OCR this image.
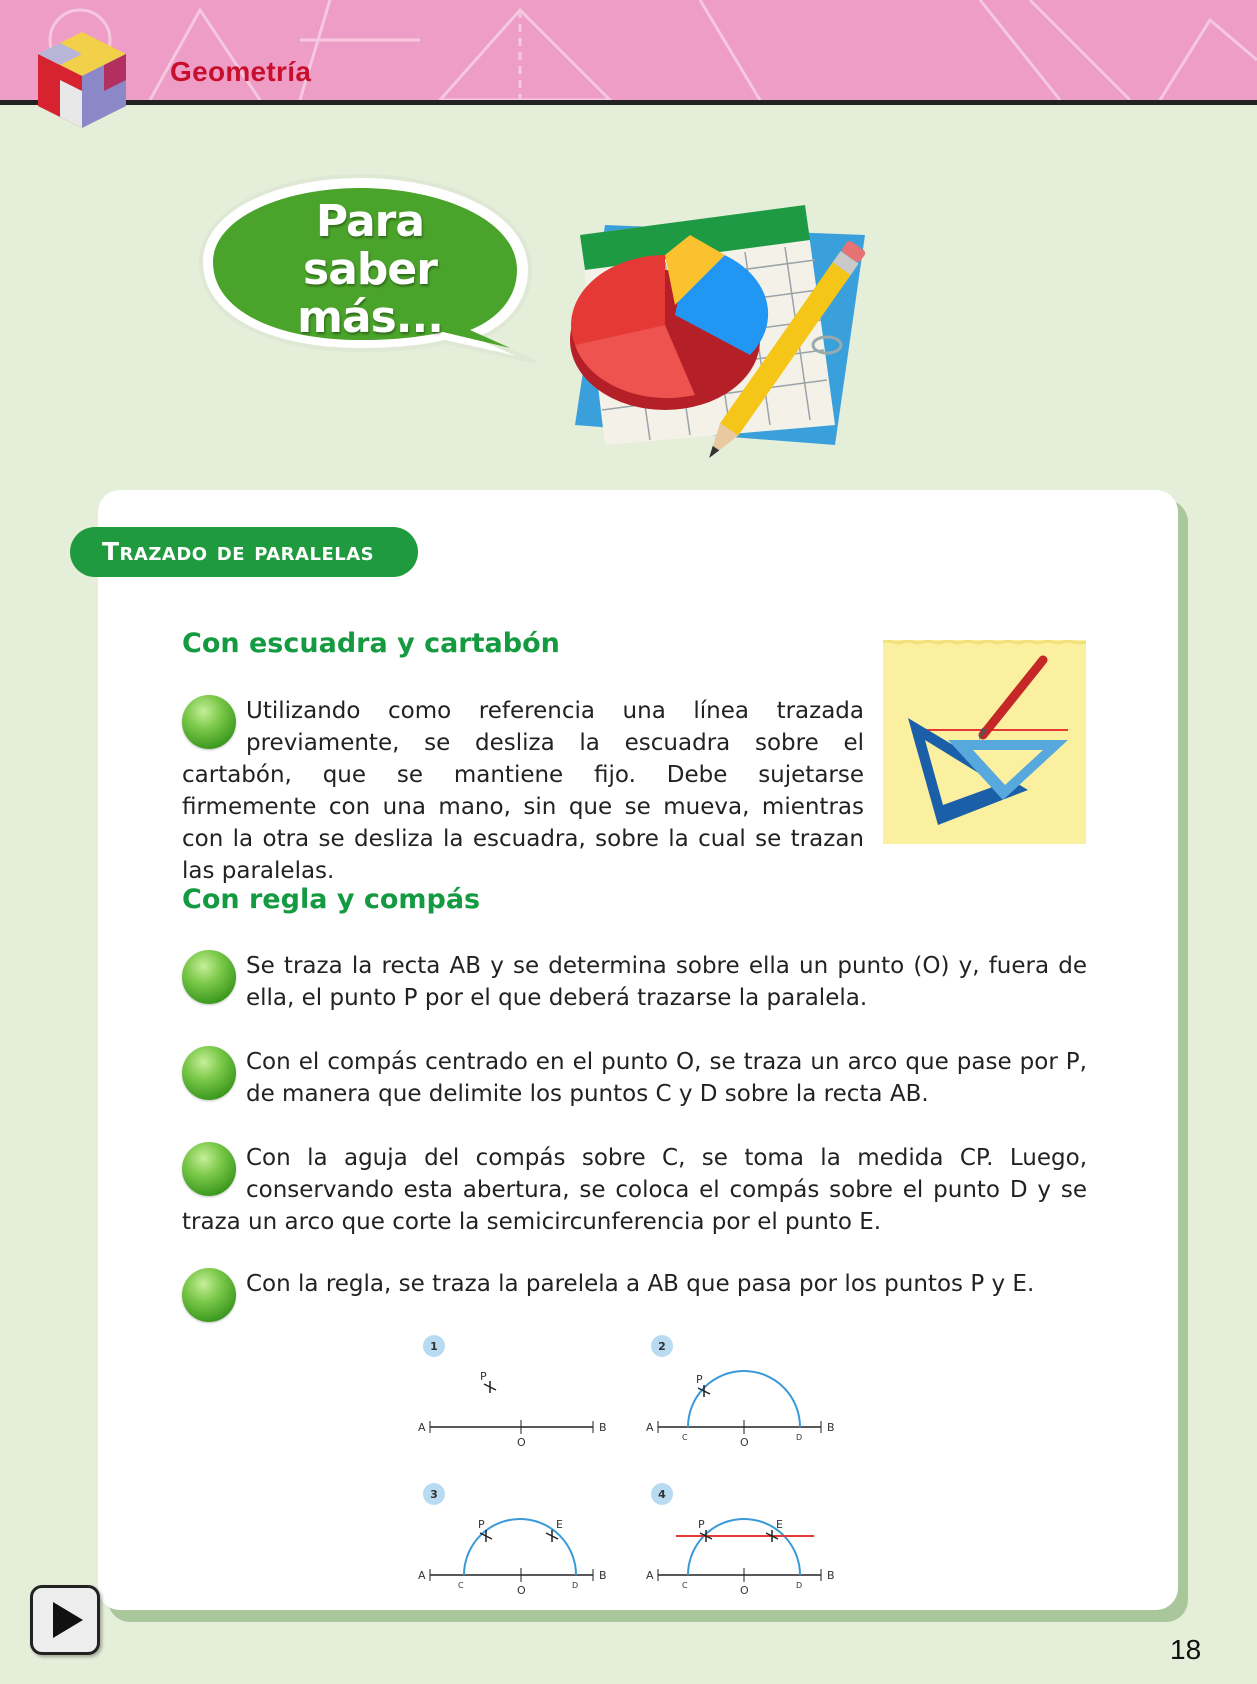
Geometría
Para
saber más...
Trazado de paralelas
Con escuadra y cartabón
Utilizando como referencia una línea trazada previamente, se desliza la escuadra sobre el cartabón, que se mantiene fijo. Debe sujetarse firmemente con una mano, sin que se mueva, mientras con la otra se desliza la escuadra, sobre la cual se trazan las paralelas.
Con regla y compás
Se traza la recta AB y se determina sobre ella un punto (O) y, fuera de ella, el punto P por el que deberá trazarse la paralela.
Con el compás centrado en el punto O, se traza un arco que pase por P, de manera que delimite los puntos C y D sobre la recta AB.
Con la aguja del compás sobre C, se toma la medida CP. Luego, conservando esta abertura, se coloca el compás sobre el punto D y se traza un arco que corte la semicircunferencia por el punto E.
Con la regla, se traza la parelela a AB que pasa por los puntos P y E.
1
A	B
O
P
2
A	B
O
C	D
P
3
A	B
O
C	D
P	E
4
A	B
O
C	D
P	E
18
